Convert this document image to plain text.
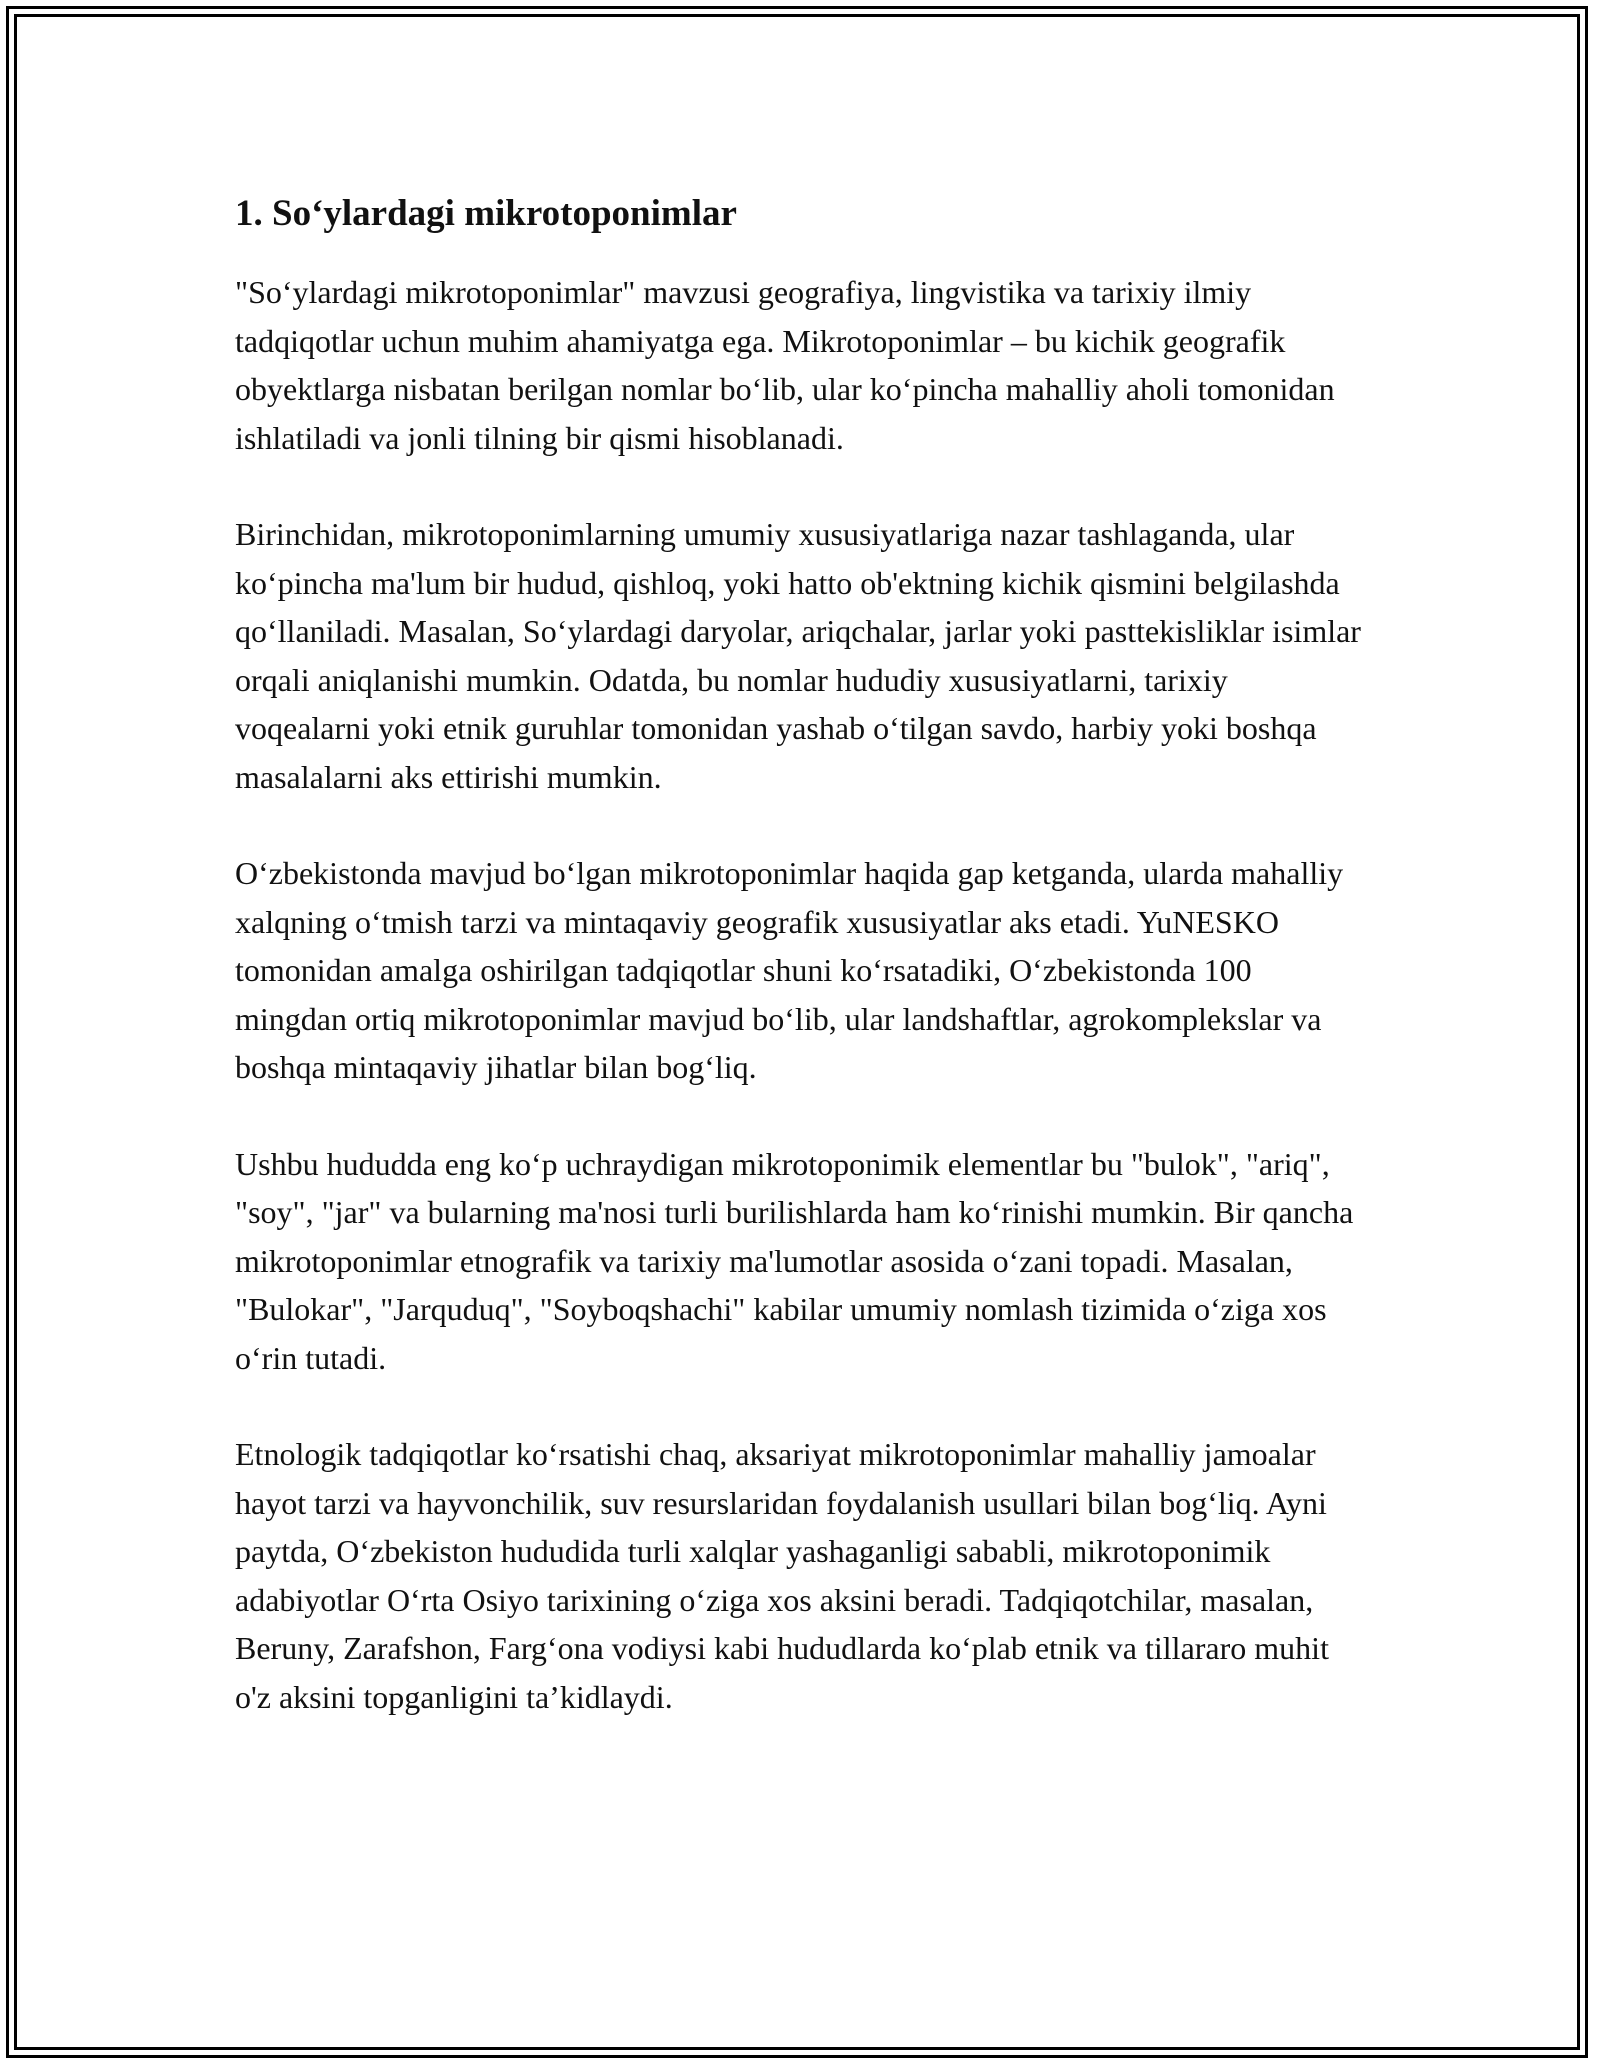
1. So‘ylardagi mikrotoponimlar

"So‘ylardagi mikrotoponimlar" mavzusi geografiya, lingvistika va tarixiy ilmiy tadqiqotlar uchun muhim ahamiyatga ega. Mikrotoponimlar – bu kichik geografik obyektlarga nisbatan berilgan nomlar bo‘lib, ular ko‘pincha mahalliy aholi tomonidan ishlatiladi va jonli tilning bir qismi hisoblanadi.

Birinchidan, mikrotoponimlarning umumiy xususiyatlariga nazar tashlaganda, ular ko‘pincha ma'lum bir hudud, qishloq, yoki hatto ob'ektning kichik qismini belgilashda qo‘llaniladi. Masalan, So‘ylardagi daryolar, ariqchalar, jarlar yoki pasttekisliklar isimlar orqali aniqlanishi mumkin. Odatda, bu nomlar hududiy xususiyatlarni, tarixiy voqealarni yoki etnik guruhlar tomonidan yashab o‘tilgan savdo, harbiy yoki boshqa masalalarni aks ettirishi mumkin.

O‘zbekistonda mavjud bo‘lgan mikrotoponimlar haqida gap ketganda, ularda mahalliy xalqning o‘tmish tarzi va mintaqaviy geografik xususiyatlar aks etadi. YuNESKO tomonidan amalga oshirilgan tadqiqotlar shuni ko‘rsatadiki, O‘zbekistonda 100 mingdan ortiq mikrotoponimlar mavjud bo‘lib, ular landshaftlar, agrokomplekslar va boshqa mintaqaviy jihatlar bilan bog‘liq.

Ushbu hududda eng ko‘p uchraydigan mikrotoponimik elementlar bu "bulok", "ariq", "soy", "jar" va bularning ma'nosi turli burilishlarda ham ko‘rinishi mumkin. Bir qancha mikrotoponimlar etnografik va tarixiy ma'lumotlar asosida o‘zani topadi. Masalan, "Bulokar", "Jarquduq", "Soyboqshachi" kabilar umumiy nomlash tizimida o‘ziga xos o‘rin tutadi.

Etnologik tadqiqotlar ko‘rsatishi chaq, aksariyat mikrotoponimlar mahalliy jamoalar hayot tarzi va hayvonchilik, suv resurslaridan foydalanish usullari bilan bog‘liq. Ayni paytda, O‘zbekiston hududida turli xalqlar yashaganligi sababli, mikrotoponimik adabiyotlar O‘rta Osiyo tarixining o‘ziga xos aksini beradi. Tadqiqotchilar, masalan, Beruny, Zarafshon, Farg‘ona vodiysi kabi hududlarda ko‘plab etnik va tillararo muhit o'z aksini topganligini ta’kidlaydi.
